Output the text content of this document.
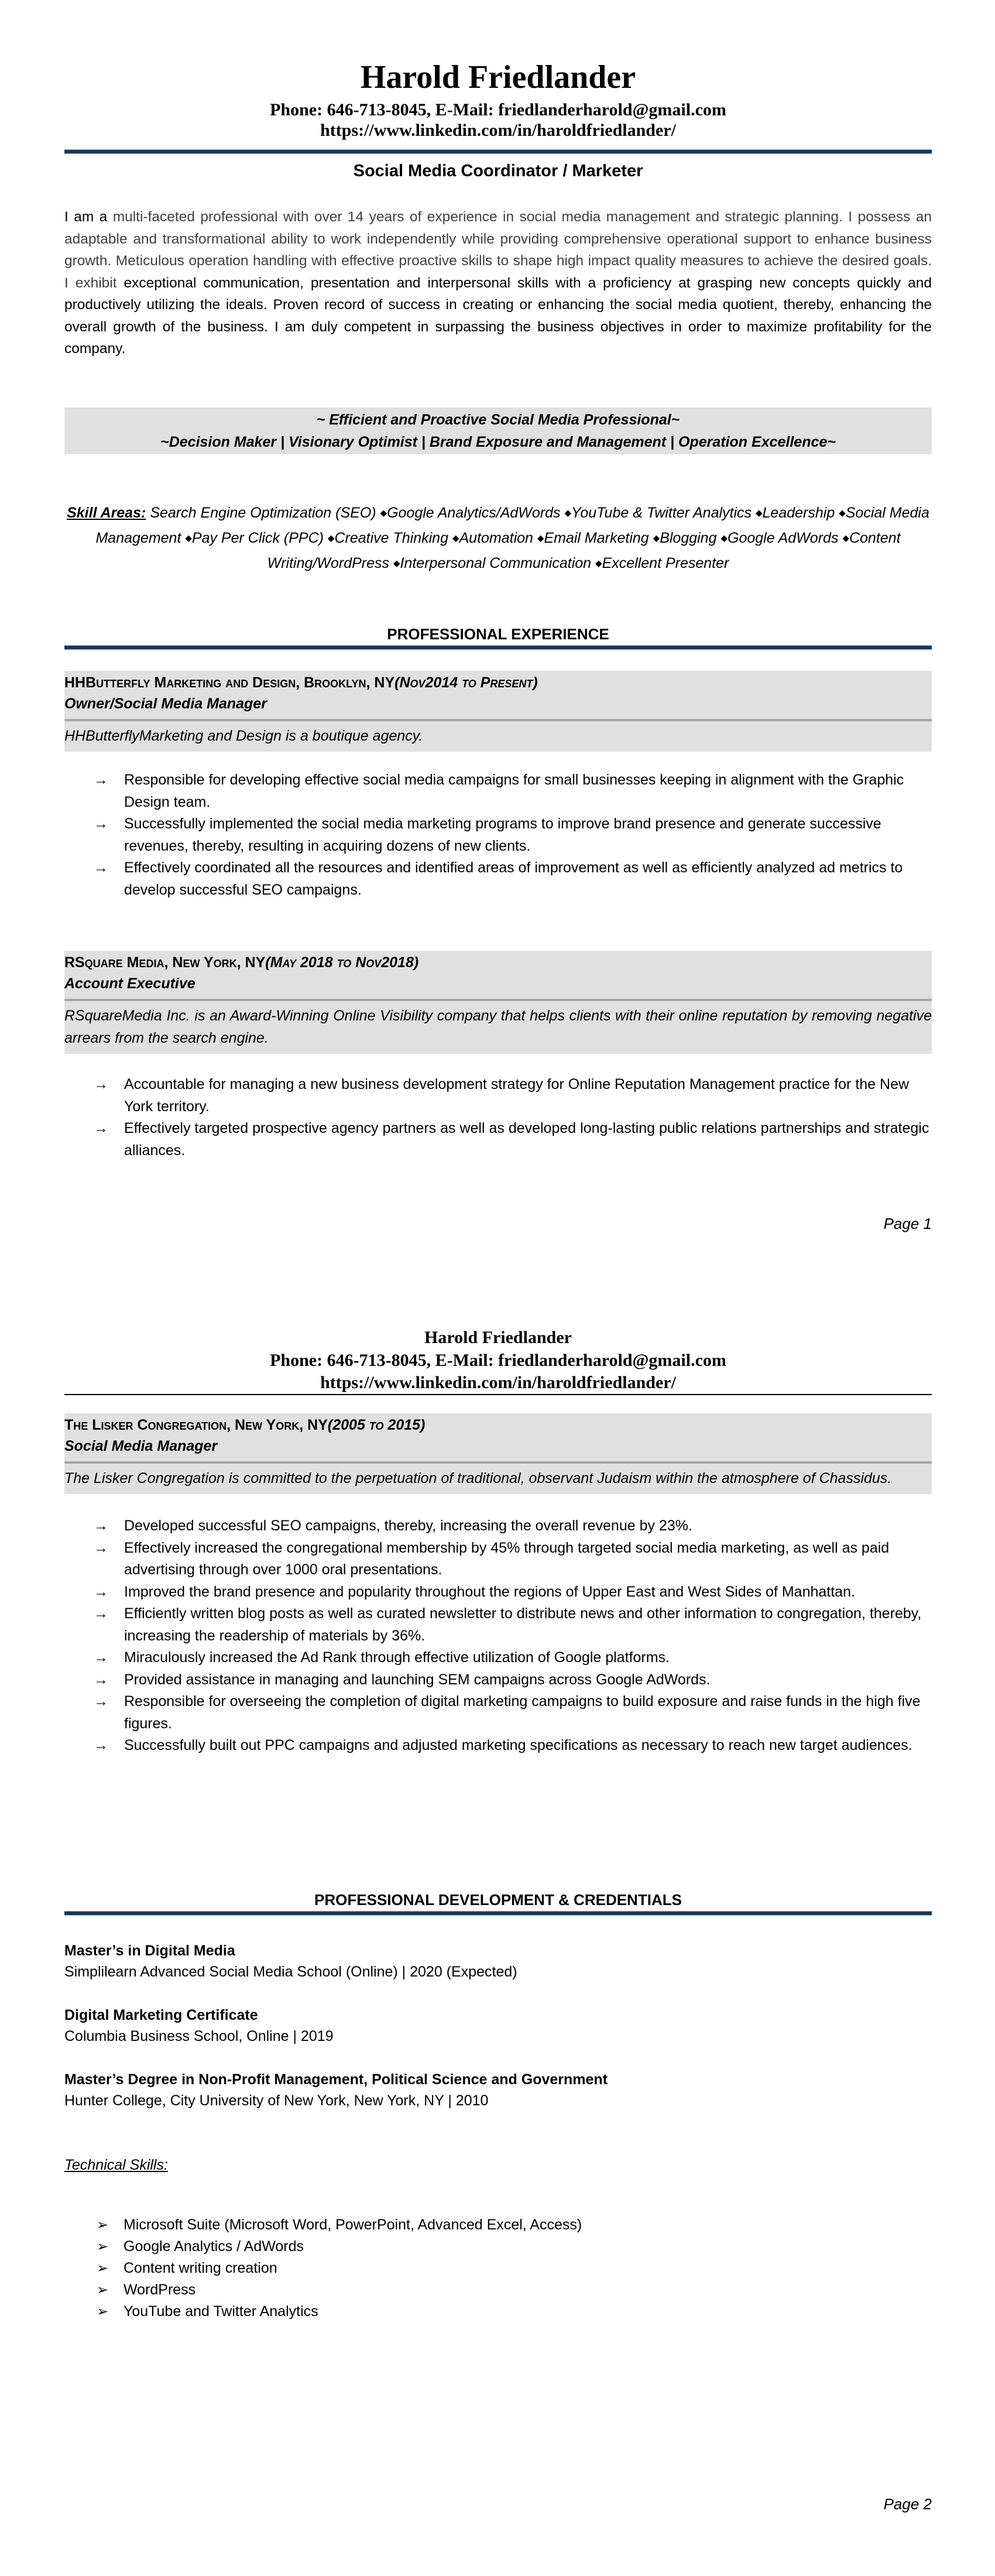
Harold Friedlander
Phone: 646-713-8045, E-Mail: friedlanderharold@gmail.com
https://www.linkedin.com/in/haroldfriedlander/
Social Media Coordinator / Marketer
I am a multi-faceted professional with over 14 years of experience in social media management and strategic planning. I possess an adaptable and transformational ability to work independently while providing comprehensive operational support to enhance business growth. Meticulous operation handling with effective proactive skills to shape high impact quality measures to achieve the desired goals. I exhibit exceptional communication, presentation and interpersonal skills with a proficiency at grasping new concepts quickly and productively utilizing the ideals. Proven record of success in creating or enhancing the social media quotient, thereby, enhancing the overall growth of the business. I am duly competent in surpassing the business objectives in order to maximize profitability for the company.
~ Efficient and Proactive Social Media Professional~
~Decision Maker | Visionary Optimist | Brand Exposure and Management | Operation Excellence~
Skill Areas: Search Engine Optimization (SEO) ◆Google Analytics/AdWords ◆YouTube & Twitter Analytics ◆Leadership ◆Social Media Management ◆Pay Per Click (PPC) ◆Creative Thinking ◆Automation ◆Email Marketing ◆Blogging ◆Google AdWords ◆Content Writing/WordPress ◆Interpersonal Communication ◆Excellent Presenter
PROFESSIONAL EXPERIENCE
HHButterfly Marketing and Design, Brooklyn, NY(Nov2014 to Present)
Owner/Social Media Manager
HHButterflyMarketing and Design is a boutique agency.
→ Responsible for developing effective social media campaigns for small businesses keeping in alignment with the Graphic Design team.
→ Successfully implemented the social media marketing programs to improve brand presence and generate successive revenues, thereby, resulting in acquiring dozens of new clients.
→ Effectively coordinated all the resources and identified areas of improvement as well as efficiently analyzed ad metrics to develop successful SEO campaigns.
RSquare Media, New York, NY(May 2018 to Nov2018)
Account Executive
RSquareMedia Inc. is an Award-Winning Online Visibility company that helps clients with their online reputation by removing negative arrears from the search engine.
→ Accountable for managing a new business development strategy for Online Reputation Management practice for the New York territory.
→ Effectively targeted prospective agency partners as well as developed long-lasting public relations partnerships and strategic alliances.
Page 1
Harold Friedlander
Phone: 646-713-8045, E-Mail: friedlanderharold@gmail.com
https://www.linkedin.com/in/haroldfriedlander/
The Lisker Congregation, New York, NY(2005 to 2015)
Social Media Manager
The Lisker Congregation is committed to the perpetuation of traditional, observant Judaism within the atmosphere of Chassidus.
→ Developed successful SEO campaigns, thereby, increasing the overall revenue by 23%.
→ Effectively increased the congregational membership by 45% through targeted social media marketing, as well as paid advertising through over 1000 oral presentations.
→ Improved the brand presence and popularity throughout the regions of Upper East and West Sides of Manhattan.
→ Efficiently written blog posts as well as curated newsletter to distribute news and other information to congregation, thereby, increasing the readership of materials by 36%.
→ Miraculously increased the Ad Rank through effective utilization of Google platforms.
→ Provided assistance in managing and launching SEM campaigns across Google AdWords.
→ Responsible for overseeing the completion of digital marketing campaigns to build exposure and raise funds in the high five figures.
→ Successfully built out PPC campaigns and adjusted marketing specifications as necessary to reach new target audiences.
PROFESSIONAL DEVELOPMENT & CREDENTIALS
Master’s in Digital Media
Simplilearn Advanced Social Media School (Online) | 2020 (Expected)
Digital Marketing Certificate
Columbia Business School, Online | 2019
Master’s Degree in Non-Profit Management, Political Science and Government
Hunter College, City University of New York, New York, NY | 2010
Technical Skills:
➢ Microsoft Suite (Microsoft Word, PowerPoint, Advanced Excel, Access)
➢ Google Analytics / AdWords
➢ Content writing creation
➢ WordPress
➢ YouTube and Twitter Analytics
Page 2
